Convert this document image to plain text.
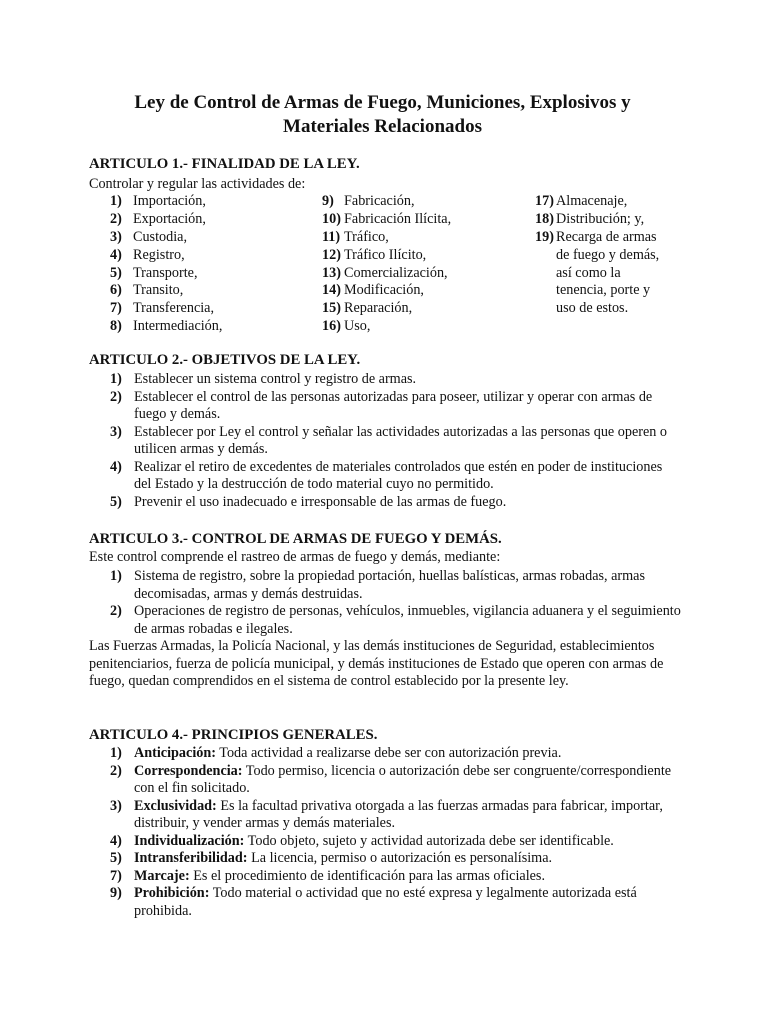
Ley de Control de Armas de Fuego, Municiones, Explosivos y
Materiales Relacionados
ARTICULO 1.- FINALIDAD DE LA LEY.
Controlar y regular las actividades de:
1) Importación,
2) Exportación,
3) Custodia,
4) Registro,
5) Transporte,
6) Transito,
7) Transferencia,
8) Intermediación,
9) Fabricación,
10) Fabricación Ilícita,
11) Tráfico,
12) Tráfico Ilícito,
13) Comercialización,
14) Modificación,
15) Reparación,
16) Uso,
17) Almacenaje,
18) Distribución; y,
19) Recarga de armas
de fuego y demás,
así como la
tenencia, porte y
uso de estos.
ARTICULO 2.- OBJETIVOS DE LA LEY.
1) Establecer un sistema control y registro de armas.
2) Establecer el control de las personas autorizadas para poseer, utilizar y operar con armas de fuego y demás.
3) Establecer por Ley el control y señalar las actividades autorizadas a las personas que operen o utilicen armas y demás.
4) Realizar el retiro de excedentes de materiales controlados que estén en poder de instituciones del Estado y la destrucción de todo material cuyo no permitido.
5) Prevenir el uso inadecuado e irresponsable de las armas de fuego.
ARTICULO 3.- CONTROL DE ARMAS DE FUEGO Y DEMÁS.
Este control comprende el rastreo de armas de fuego y demás, mediante:
1) Sistema de registro, sobre la propiedad portación, huellas balísticas, armas robadas, armas decomisadas, armas y demás destruidas.
2) Operaciones de registro de personas, vehículos, inmuebles, vigilancia aduanera y el seguimiento de armas robadas e ilegales.
Las Fuerzas Armadas, la Policía Nacional, y las demás instituciones de Seguridad, establecimientos penitenciarios, fuerza de policía municipal, y demás instituciones de Estado que operen con armas de fuego, quedan comprendidos en el sistema de control establecido por la presente ley.
ARTICULO 4.- PRINCIPIOS GENERALES.
1) Anticipación: Toda actividad a realizarse debe ser con autorización previa.
2) Correspondencia: Todo permiso, licencia o autorización debe ser congruente/correspondiente con el fin solicitado.
3) Exclusividad: Es la facultad privativa otorgada a las fuerzas armadas para fabricar, importar, distribuir, y vender armas y demás materiales.
4) Individualización: Todo objeto, sujeto y actividad autorizada debe ser identificable.
5) Intransferibilidad: La licencia, permiso o autorización es personalísima.
7) Marcaje: Es el procedimiento de identificación para las armas oficiales.
9) Prohibición: Todo material o actividad que no esté expresa y legalmente autorizada está prohibida.
